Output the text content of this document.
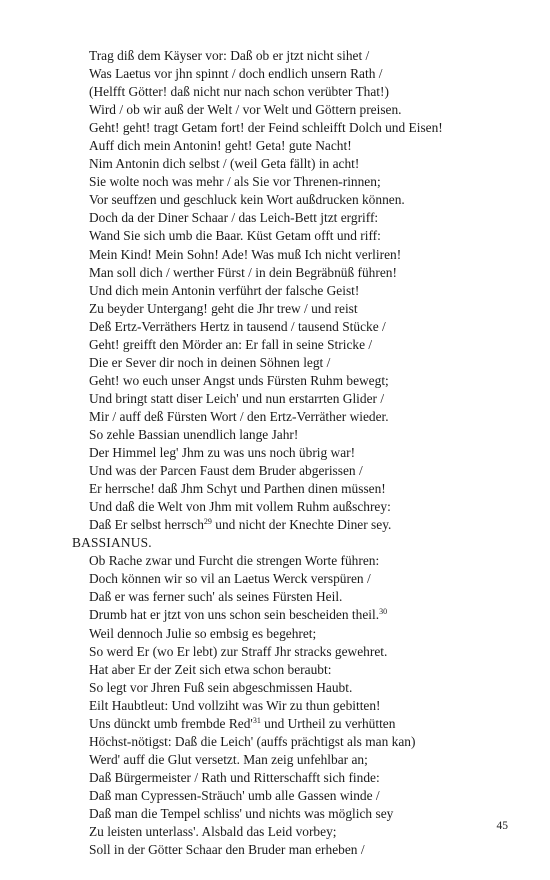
Trag diß dem Käyser vor: Daß ob er jtzt nicht sihet /
Was Laetus vor jhn spinnt / doch endlich unsern Rath /
(Helfft Götter! daß nicht nur nach schon verübter That!)
Wird / ob wir auß der Welt / vor Welt und Göttern preisen.
Geht! geht! tragt Getam fort! der Feind schleifft Dolch und Eisen!
Auff dich mein Antonin! geht! Geta! gute Nacht!
Nim Antonin dich selbst / (weil Geta fällt) in acht!
Sie wolte noch was mehr / als Sie vor Threnen-rinnen;
Vor seuffzen und geschluck kein Wort außdrucken können.
Doch da der Diner Schaar / das Leich-Bett jtzt ergriff:
Wand Sie sich umb die Baar. Küst Getam offt und riff:
Mein Kind! Mein Sohn! Ade! Was muß Ich nicht verliren!
Man soll dich / werther Fürst / in dein Begräbnüß führen!
Und dich mein Antonin verführt der falsche Geist!
Zu beyder Untergang! geht die Jhr trew / und reist
Deß Ertz-Verräthers Hertz in tausend / tausend Stücke /
Geht! greifft den Mörder an: Er fall in seine Stricke /
Die er Sever dir noch in deinen Söhnen legt /
Geht! wo euch unser Angst unds Fürsten Ruhm bewegt;
Und bringt statt diser Leich' und nun erstarrten Glider /
Mir / auff deß Fürsten Wort / den Ertz-Verräther wieder.
So zehle Bassian unendlich lange Jahr!
Der Himmel leg' Jhm zu was uns noch übrig war!
Und was der Parcen Faust dem Bruder abgerissen /
Er herrsche! daß Jhm Schyt und Parthen dinen müssen!
Und daß die Welt von Jhm mit vollem Ruhm außschrey:
Daß Er selbst herrsch$^{29}$ und nicht der Knechte Diner sey.
BASSIANUS.
Ob Rache zwar und Furcht die strengen Worte führen:
Doch können wir so vil an Laetus Werck verspüren /
Daß er was ferner such' als seines Fürsten Heil.
Drumb hat er jtzt von uns schon sein bescheiden theil.$^{30}$
Weil dennoch Julie so embsig es begehret;
So werd Er (wo Er lebt) zur Straff Jhr stracks gewehret.
Hat aber Er der Zeit sich etwa schon beraubt:
So legt vor Jhren Fuß sein abgeschmissen Haubt.
Eilt Haubtleut: Und vollziht was Wir zu thun gebitten!
Uns dünckt umb frembde $Red'^{31}$ und Urtheil zu verhütten
Höchst-nötigst: Daß die Leich' (auffs prächtigst als man kan)
Werd' auff die Glut versetzt. Man zeig unfehlbar an;
Daß Bürgermeister / Rath und Ritterschafft sich finde:
Daß man Cypressen-Sträuch' umb alle Gassen winde /
Daß man die Tempel schliss' und nichts was möglich sey
Zu leisten unterlass'. Alsbald das Leid vorbey;
Soll in der Götter Schaar den Bruder man erheben /
45
